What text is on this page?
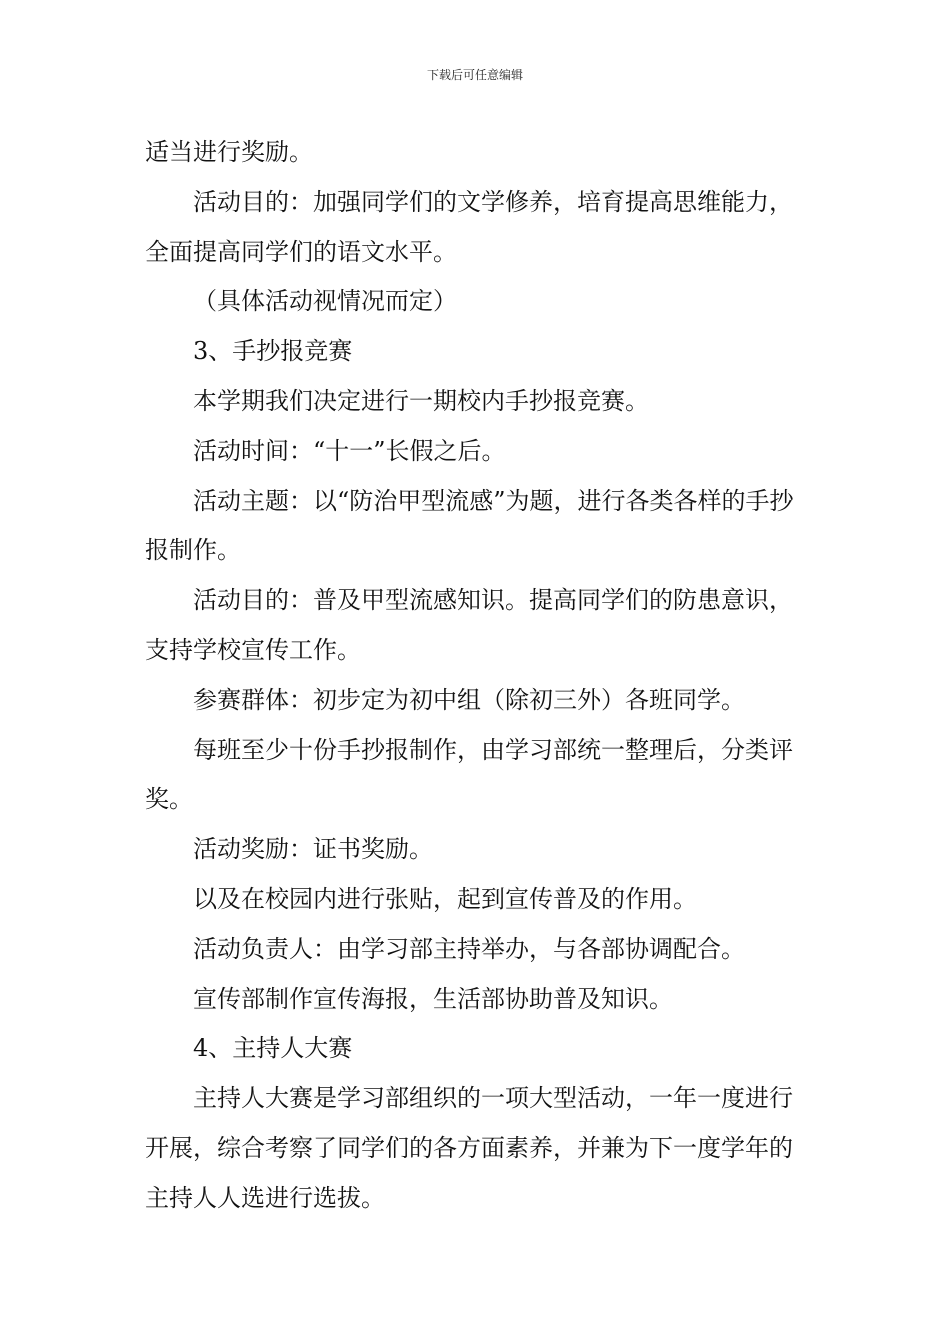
下载后可任意编辑

适当进行奖励。

活动目的：加强同学们的文学修养，培育提高思维能力，全面提高同学们的语文水平。

（具体活动视情况而定）

3、手抄报竞赛

本学期我们决定进行一期校内手抄报竞赛。

活动时间：“十一”长假之后。

活动主题：以“防治甲型流感”为题，进行各类各样的手抄报制作。

活动目的：普及甲型流感知识。提高同学们的防患意识，支持学校宣传工作。

参赛群体：初步定为初中组（除初三外）各班同学。

每班至少十份手抄报制作，由学习部统一整理后，分类评奖。

活动奖励：证书奖励。

以及在校园内进行张贴，起到宣传普及的作用。

活动负责人：由学习部主持举办，与各部协调配合。

宣传部制作宣传海报，生活部协助普及知识。

4、主持人大赛

主持人大赛是学习部组织的一项大型活动，一年一度进行开展，综合考察了同学们的各方面素养，并兼为下一度学年的主持人人选进行选拔。
